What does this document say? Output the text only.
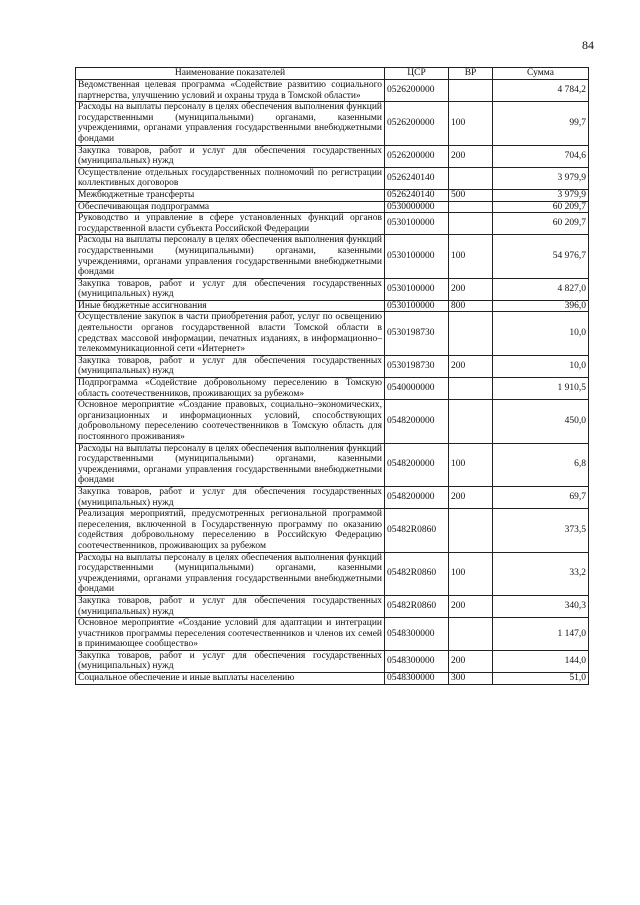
84
Наименование показателей	ЦСР	ВР	Сумма
Ведомственная целевая программа «Содействие развитию социального партнерства, улучшению условий и охраны труда в Томской области»	0526200000		4 784,2
Расходы на выплаты персоналу в целях обеспечения выполнения функций государственными (муниципальными) органами, казенными учреждениями, органами управления государственными внебюджетными фондами	0526200000	100	99,7
Закупка товаров, работ и услуг для обеспечения государственных (муниципальных) нужд	0526200000	200	704,6
Осуществление отдельных государственных полномочий по регистрации коллективных договоров	0526240140		3 979,9
Межбюджетные трансферты	0526240140	500	3 979,9
Обеспечивающая подпрограмма	0530000000		60 209,7
Руководство и управление в сфере установленных функций органов государственной власти субъекта Российской Федерации	0530100000		60 209,7
Расходы на выплаты персоналу в целях обеспечения выполнения функций государственными (муниципальными) органами, казенными учреждениями, органами управления государственными внебюджетными фондами	0530100000	100	54 976,7
Закупка товаров, работ и услуг для обеспечения государственных (муниципальных) нужд	0530100000	200	4 827,0
Иные бюджетные ассигнования	0530100000	800	396,0
Осуществление закупок в части приобретения работ, услуг по освещению деятельности органов государственной власти Томской области в средствах массовой информации, печатных изданиях, в информационно–телекоммуникационной сети «Интернет»	0530198730		10,0
Закупка товаров, работ и услуг для обеспечения государственных (муниципальных) нужд	0530198730	200	10,0
Подпрограмма «Содействие добровольному переселению в Томскую область соотечественников, проживающих за рубежом»	0540000000		1 910,5
Основное мероприятие «Создание правовых, социально–экономических, организационных и информационных условий, способствующих добровольному переселению соотечественников в Томскую область для постоянного проживания»	0548200000		450,0
Расходы на выплаты персоналу в целях обеспечения выполнения функций государственными (муниципальными) органами, казенными учреждениями, органами управления государственными внебюджетными фондами	0548200000	100	6,8
Закупка товаров, работ и услуг для обеспечения государственных (муниципальных) нужд	0548200000	200	69,7
Реализация мероприятий, предусмотренных региональной программой переселения, включенной в Государственную программу по оказанию содействия добровольному переселению в Российскую Федерацию соотечественников, проживающих за рубежом	05482R0860		373,5
Расходы на выплаты персоналу в целях обеспечения выполнения функций государственными (муниципальными) органами, казенными учреждениями, органами управления государственными внебюджетными фондами	05482R0860	100	33,2
Закупка товаров, работ и услуг для обеспечения государственных (муниципальных) нужд	05482R0860	200	340,3
Основное мероприятие «Создание условий для адаптации и интеграции участников программы переселения соотечественников и членов их семей в принимающее сообщество»	0548300000		1 147,0
Закупка товаров, работ и услуг для обеспечения государственных (муниципальных) нужд	0548300000	200	144,0
Социальное обеспечение и иные выплаты населению	0548300000	300	51,0
